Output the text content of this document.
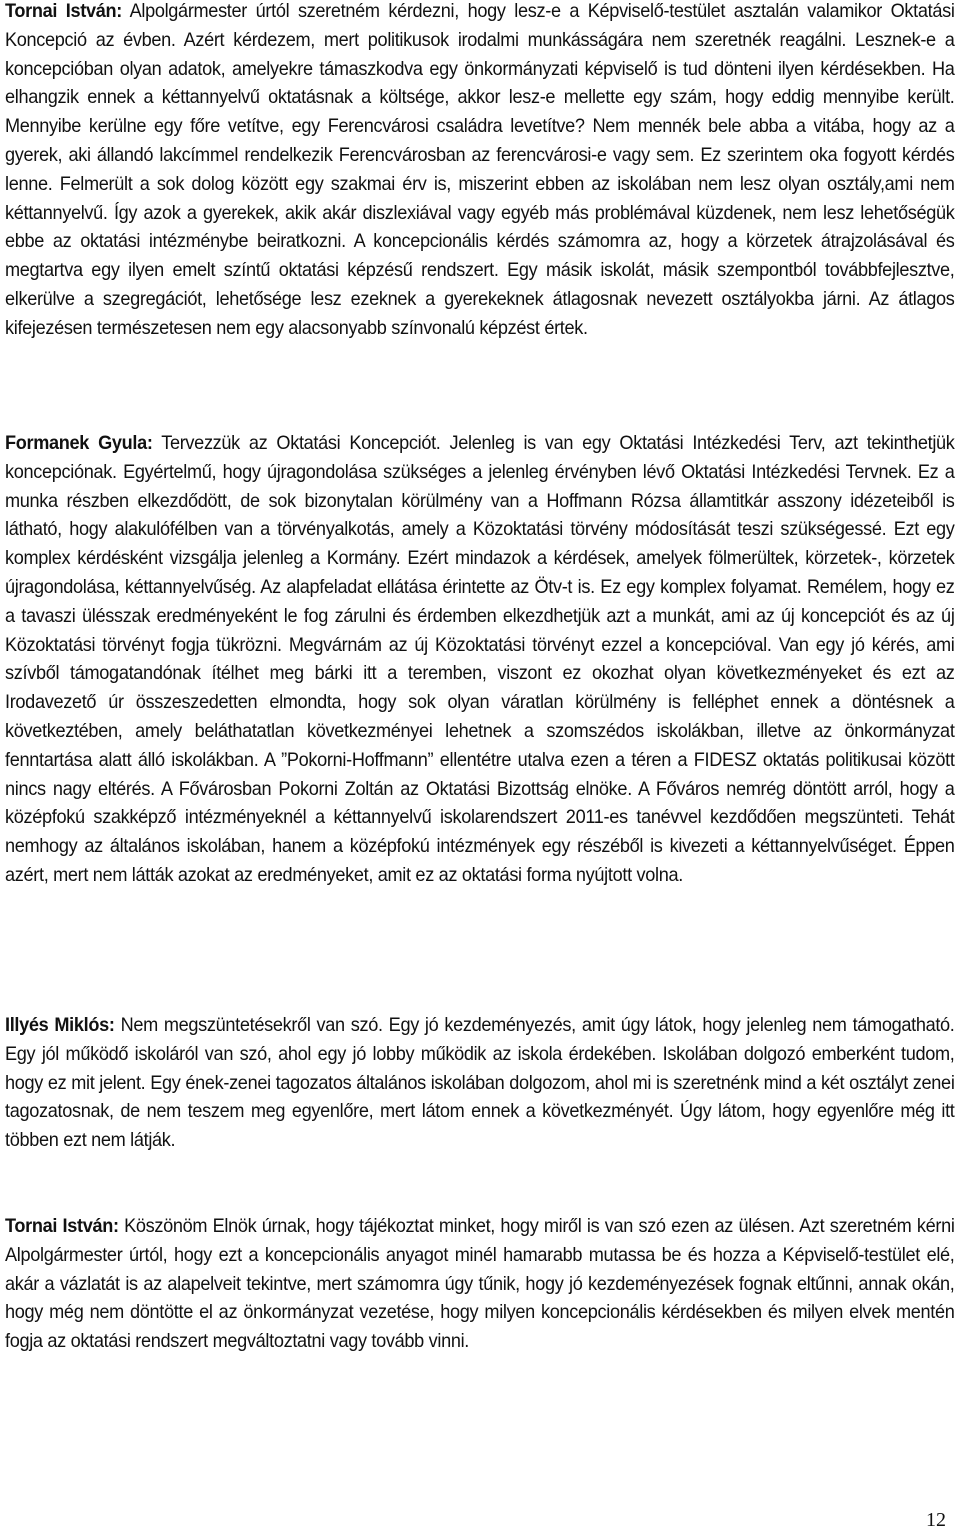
Tornai István: Alpolgármester úrtól szeretném kérdezni, hogy lesz-e a Képviselő-testület asztalán valamikor Oktatási Koncepció az évben. Azért kérdezem, mert politikusok irodalmi munkásságára nem szeretnék reagálni. Lesznek-e a koncepcióban olyan adatok, amelyekre támaszkodva egy önkormányzati képviselő is tud dönteni ilyen kérdésekben. Ha elhangzik ennek a kéttannyelvű oktatásnak a költsége, akkor lesz-e mellette egy szám, hogy eddig mennyibe került. Mennyibe kerülne egy főre vetítve, egy Ferencvárosi családra levetítve? Nem mennék bele abba a vitába, hogy az a gyerek, aki állandó lakcímmel rendelkezik Ferencvárosban az ferencvárosi-e vagy sem. Ez szerintem oka fogyott kérdés lenne. Felmerült a sok dolog között egy szakmai érv is, miszerint ebben az iskolában nem lesz olyan osztály,ami nem kéttannyelvű. Így azok a gyerekek, akik akár diszlexiával vagy egyéb más problémával küzdenek, nem lesz lehetőségük ebbe az oktatási intézménybe beiratkozni. A koncepcionális kérdés számomra az, hogy a körzetek átrajzolásával és megtartva egy ilyen emelt színtű oktatási képzésű rendszert. Egy másik iskolát, másik szempontból továbbfejlesztve, elkerülve a szegregációt, lehetősége lesz ezeknek a gyerekeknek átlagosnak nevezett osztályokba járni. Az átlagos kifejezésen természetesen nem egy alacsonyabb színvonalú képzést értek.

Formanek Gyula: Tervezzük az Oktatási Koncepciót. Jelenleg is van egy Oktatási Intézkedési Terv, azt tekinthetjük koncepciónak. Egyértelmű, hogy újragondolása szükséges a jelenleg érvényben lévő Oktatási Intézkedési Tervnek. Ez a munka részben elkezdődött, de sok bizonytalan körülmény van a Hoffmann Rózsa államtitkár asszony idézeteiből is látható, hogy alakulófélben van a törvényalkotás, amely a Közoktatási törvény módosítását teszi szükségessé. Ezt egy komplex kérdésként vizsgálja jelenleg a Kormány. Ezért mindazok a kérdések, amelyek fölmerültek, körzetek-, körzetek újragondolása, kéttannyelvűség. Az alapfeladat ellátása érintette az Ötv-t is. Ez egy komplex folyamat. Remélem, hogy ez a tavaszi ülésszak eredményeként le fog zárulni és érdemben elkezdhetjük azt a munkát, ami az új koncepciót és az új Közoktatási törvényt fogja tükrözni. Megvárnám az új Közoktatási törvényt ezzel a koncepcióval. Van egy jó kérés, ami szívből támogatandónak ítélhet meg bárki itt a teremben, viszont ez okozhat olyan következményeket és ezt az Irodavezető úr összeszedetten elmondta, hogy sok olyan váratlan körülmény is felléphet ennek a döntésnek a következtében, amely beláthatatlan következményei lehetnek a szomszédos iskolákban, illetve az önkormányzat fenntartása alatt álló iskolákban. A ”Pokorni-Hoffmann” ellentétre utalva ezen a téren a FIDESZ oktatás politikusai között nincs nagy eltérés. A Fővárosban Pokorni Zoltán az Oktatási Bizottság elnöke. A Főváros nemrég döntött arról, hogy a középfokú szakképző intézményeknél a kéttannyelvű iskolarendszert 2011-es tanévvel kezdődően megszünteti. Tehát nemhogy az általános iskolában, hanem a középfokú intézmények egy részéből is kivezeti a kéttannyelvűséget. Éppen azért, mert nem látták azokat az eredményeket, amit ez az oktatási forma nyújtott volna.

Illyés Miklós: Nem megszüntetésekről van szó. Egy jó kezdeményezés, amit úgy látok, hogy jelenleg nem támogatható. Egy jól működő iskoláról van szó, ahol egy jó lobby működik az iskola érdekében. Iskolában dolgozó emberként tudom, hogy ez mit jelent. Egy ének-zenei tagozatos általános iskolában dolgozom, ahol mi is szeretnénk mind a két osztályt zenei tagozatosnak, de nem teszem meg egyenlőre, mert látom ennek a következményét. Úgy látom, hogy egyenlőre még itt többen ezt nem látják.

Tornai István: Köszönöm Elnök úrnak, hogy tájékoztat minket, hogy miről is van szó ezen az ülésen. Azt szeretném kérni Alpolgármester úrtól, hogy ezt a koncepcionális anyagot minél hamarabb mutassa be és hozza a Képviselő-testület elé, akár a vázlatát is az alapelveit tekintve, mert számomra úgy tűnik, hogy jó kezdeményezések fognak eltűnni, annak okán, hogy még nem döntötte el az önkormányzat vezetése, hogy milyen koncepcionális kérdésekben és milyen elvek mentén fogja az oktatási rendszert megváltoztatni vagy tovább vinni.

12
